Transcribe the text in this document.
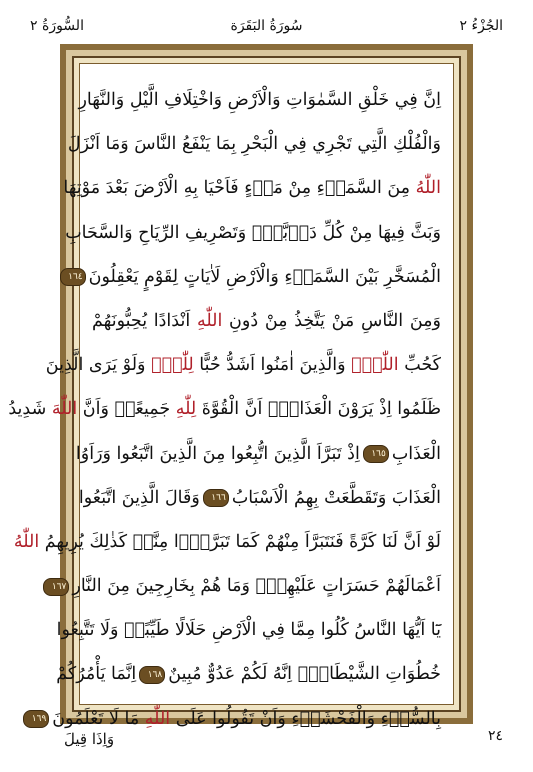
الجُزْءُ ٢
سُورَةُ البَقَرَة
السُّورَةُ ٢
اِنَّ فِي خَلْقِ السَّمٰوَاتِ وَالْاَرْضِ وَاخْتِلَافِ الَّيْلِ وَالنَّهَارِ
وَالْفُلْكِ الَّتِي تَجْرِي فِي الْبَحْرِ بِمَا يَنْفَعُ النَّاسَ وَمَا اَنْزَلَ
اللّٰهُ مِنَ السَّمَاۤءِ مِنْ مَاۤءٍ فَاَحْيَا بِهِ الْاَرْضَ بَعْدَ مَوْتِهَا
وَبَثَّ فِيهَا مِنْ كُلِّ دَاۤبَّةٍۖ وَتَصْرِيفِ الرِّيَاحِ وَالسَّحَابِ
الْمُسَخَّرِ بَيْنَ السَّمَاۤءِ وَالْاَرْضِ لَاٰيَاتٍ لِقَوْمٍ يَعْقِلُونَ١٦٤
وَمِنَ النَّاسِ مَنْ يَتَّخِذُ مِنْ دُونِ اللّٰهِ اَنْدَادًا يُحِبُّونَهُمْ
كَحُبِّ اللّٰهِۜ وَالَّذِينَ اٰمَنُوا اَشَدُّ حُبًّا لِلّٰهِۜ وَلَوْ يَرَى الَّذِينَ
ظَلَمُوا اِذْ يَرَوْنَ الْعَذَابَۙ اَنَّ الْقُوَّةَ لِلّٰهِ جَمِيعًاۙ وَاَنَّ اللّٰهَ شَدِيدُ
الْعَذَابِ١٦٥اِذْ تَبَرَّاَ الَّذِينَ اتُّبِعُوا مِنَ الَّذِينَ اتَّبَعُوا وَرَاَوُا
الْعَذَابَ وَتَقَطَّعَتْ بِهِمُ الْاَسْبَابُ١٦٦وَقَالَ الَّذِينَ اتَّبَعُوا
لَوْ اَنَّ لَنَا كَرَّةً فَنَتَبَرَّاَ مِنْهُمْ كَمَا تَبَرَّؤُ۫ا مِنَّاۜ كَذٰلِكَ يُرِيهِمُ اللّٰهُ
اَعْمَالَهُمْ حَسَرَاتٍ عَلَيْهِمْۜ وَمَا هُمْ بِخَارِجِينَ مِنَ النَّارِ١٦٧
يَٓا اَيُّهَا النَّاسُ كُلُوا مِمَّا فِي الْاَرْضِ حَلَالًا طَيِّبًاۘ وَلَا تَتَّبِعُوا
خُطُوَاتِ الشَّيْطَانِۜ اِنَّهُ لَكُمْ عَدُوٌّ مُبِينٌ١٦٨اِنَّمَا يَأْمُرُكُمْ
بِالسُّوۤءِ وَالْفَحْشَاۤءِ وَاَنْ تَقُولُوا عَلَى اللّٰهِ مَا لَا تَعْلَمُونَ١٦٩
٢٤
وَاِذَا قِيلَ
